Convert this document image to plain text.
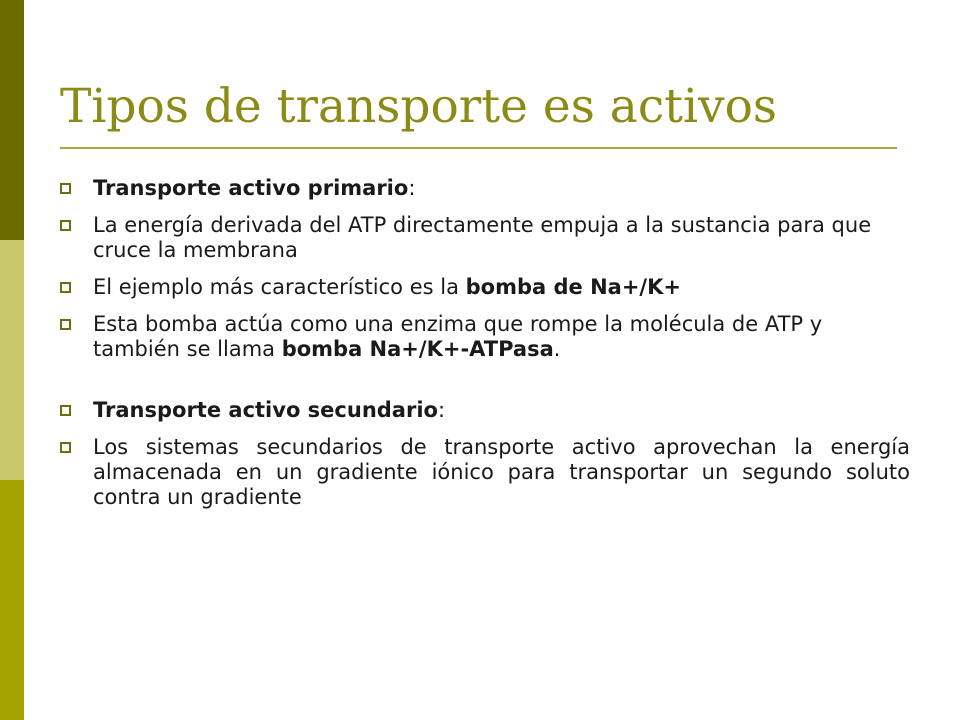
Tipos de transporte es activos
Transporte activo primario:
La energía derivada del ATP directamente empuja a la sustancia para que cruce la membrana
El ejemplo más característico es la bomba de Na+/K+
Esta bomba actúa como una enzima que rompe la molécula de ATP y también se llama bomba Na+/K+-ATPasa.
Transporte activo secundario:
Los sistemas secundarios de transporte activo aprovechan la energía almacenada en un gradiente iónico para transportar un segundo soluto contra un gradiente
